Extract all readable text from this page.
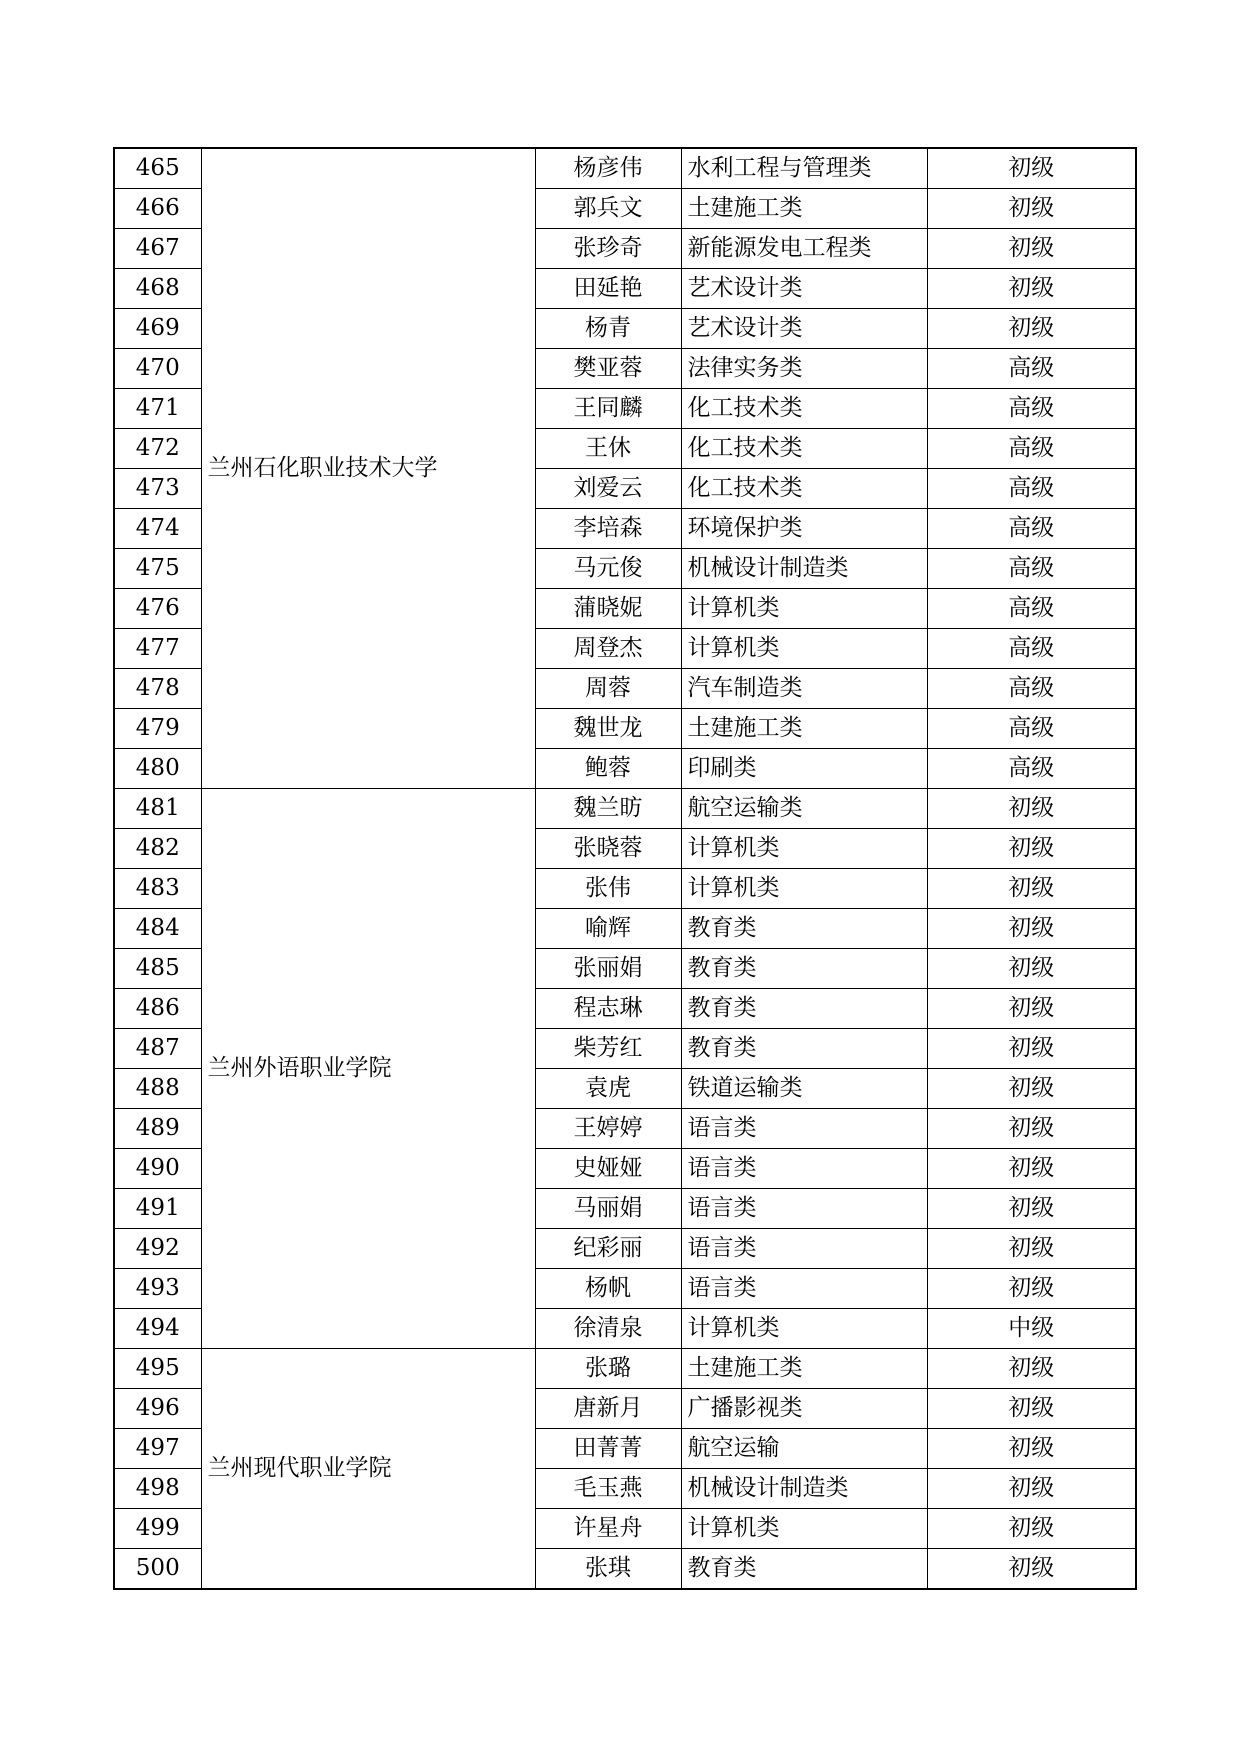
465	兰州石化职业技术大学	杨彦伟	水利工程与管理类	初级
466		郭兵文	土建施工类	初级
467		张珍奇	新能源发电工程类	初级
468		田延艳	艺术设计类	初级
469		杨青	艺术设计类	初级
470		樊亚蓉	法律实务类	高级
471		王同麟	化工技术类	高级
472		王休	化工技术类	高级
473		刘爱云	化工技术类	高级
474		李培森	环境保护类	高级
475		马元俊	机械设计制造类	高级
476		蒲晓妮	计算机类	高级
477		周登杰	计算机类	高级
478		周蓉	汽车制造类	高级
479		魏世龙	土建施工类	高级
480		鲍蓉	印刷类	高级
481	兰州外语职业学院	魏兰昉	航空运输类	初级
482		张晓蓉	计算机类	初级
483		张伟	计算机类	初级
484		喻辉	教育类	初级
485		张丽娟	教育类	初级
486		程志琳	教育类	初级
487		柴芳红	教育类	初级
488		袁虎	铁道运输类	初级
489		王婷婷	语言类	初级
490		史娅娅	语言类	初级
491		马丽娟	语言类	初级
492		纪彩丽	语言类	初级
493		杨帆	语言类	初级
494		徐清泉	计算机类	中级
495	兰州现代职业学院	张璐	土建施工类	初级
496		唐新月	广播影视类	初级
497		田菁菁	航空运输	初级
498		毛玉燕	机械设计制造类	初级
499		许星舟	计算机类	初级
500		张琪	教育类	初级
